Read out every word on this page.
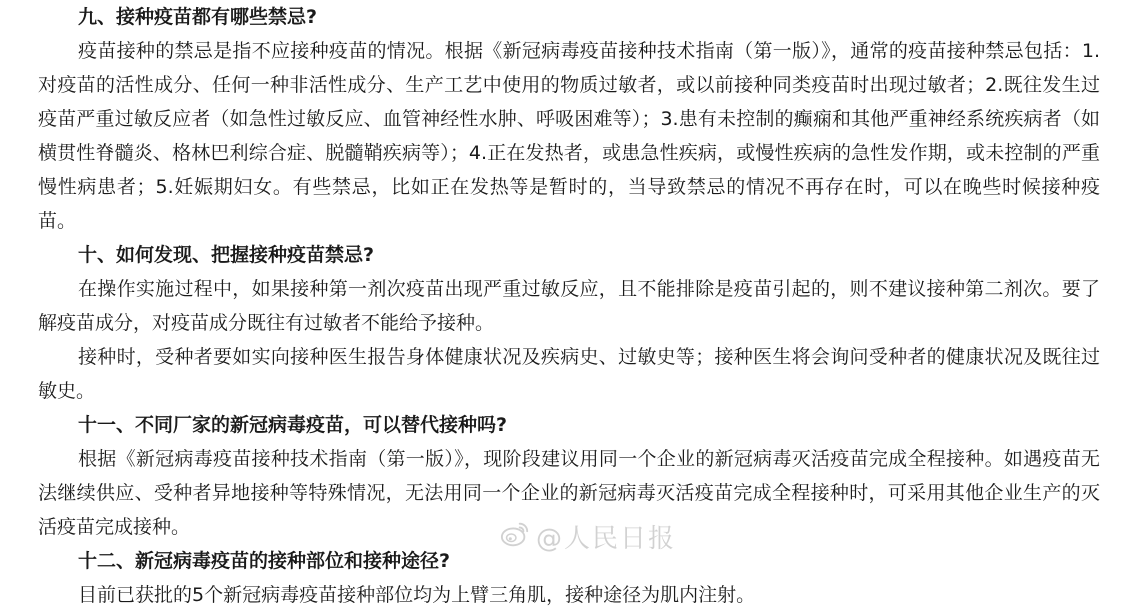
九、接种疫苗都有哪些禁忌?

疫苗接种的禁忌是指不应接种疫苗的情况。根据《新冠病毒疫苗接种技术指南（第一版）》，通常的疫苗接种禁忌包括：1.对疫苗的活性成分、任何一种非活性成分、生产工艺中使用的物质过敏者，或以前接种同类疫苗时出现过敏者；2.既往发生过疫苗严重过敏反应者（如急性过敏反应、血管神经性水肿、呼吸困难等）；3.患有未控制的癫痫和其他严重神经系统疾病者（如横贯性脊髓炎、格林巴利综合症、脱髓鞘疾病等）；4.正在发热者，或患急性疾病，或慢性疾病的急性发作期，或未控制的严重慢性病患者；5.妊娠期妇女。有些禁忌，比如正在发热等是暂时的，当导致禁忌的情况不再存在时，可以在晚些时候接种疫苗。

十、如何发现、把握接种疫苗禁忌?

在操作实施过程中，如果接种第一剂次疫苗出现严重过敏反应，且不能排除是疫苗引起的，则不建议接种第二剂次。要了解疫苗成分，对疫苗成分既往有过敏者不能给予接种。

接种时，受种者要如实向接种医生报告身体健康状况及疾病史、过敏史等；接种医生将会询问受种者的健康状况及既往过敏史。

十一、不同厂家的新冠病毒疫苗，可以替代接种吗?

根据《新冠病毒疫苗接种技术指南（第一版）》，现阶段建议用同一个企业的新冠病毒灭活疫苗完成全程接种。如遇疫苗无法继续供应、受种者异地接种等特殊情况，无法用同一个企业的新冠病毒灭活疫苗完成全程接种时，可采用其他企业生产的灭活疫苗完成接种。

十二、新冠病毒疫苗的接种部位和接种途径?

目前已获批的5个新冠病毒疫苗接种部位均为上臂三角肌，接种途径为肌内注射。

@人民日报
